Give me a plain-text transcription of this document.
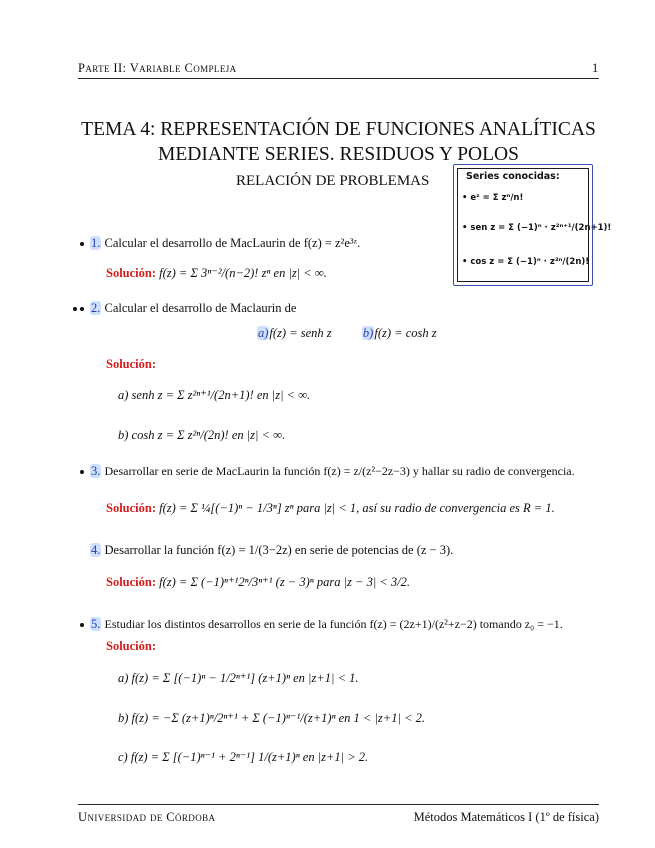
Parte II: Variable Compleja	1
TEMA 4: REPRESENTACIÓN DE FUNCIONES ANALÍTICAS
MEDIANTE SERIES. RESIDUOS Y POLOS
RELACIÓN DE PROBLEMAS	Series conocidas:
• eᶻ = Σ zⁿ/n!
• sen z = Σ (−1)ⁿ · z²ⁿ⁺¹/(2n+1)!
• cos z = Σ (−1)ⁿ · z²ⁿ/(2n)!
1. Calcular el desarrollo de MacLaurin de f(z) = z²e³ᶻ.
Solución: f(z) = Σ 3ⁿ⁻²/(n−2)! zⁿ en |z| < ∞.
2. Calcular el desarrollo de Maclaurin de
a)f(z) = senh z	b)f(z) = cosh z
Solución:
a) senh z = Σ z²ⁿ⁺¹/(2n+1)! en |z| < ∞.
b) cosh z = Σ z²ⁿ/(2n)! en |z| < ∞.
3. Desarrollar en serie de MacLaurin la función f(z) = z/(z²−2z−3) y hallar su radio de convergencia.
Solución: f(z) = Σ ¼[(−1)ⁿ − 1/3ⁿ] zⁿ para |z| < 1, así su radio de convergencia es R = 1.
4. Desarrollar la función f(z) = 1/(3−2z) en serie de potencias de (z − 3).
Solución: f(z) = Σ (−1)ⁿ⁺¹2ⁿ/3ⁿ⁺¹ (z − 3)ⁿ para |z − 3| < 3/2.
5. Estudiar los distintos desarrollos en serie de la función f(z) = (2z+1)/(z²+z−2) tomando z₀ = −1.
Solución:
a) f(z) = Σ [(−1)ⁿ − 1/2ⁿ⁺¹] (z+1)ⁿ en |z+1| < 1.
b) f(z) = −Σ (z+1)ⁿ/2ⁿ⁺¹ + Σ (−1)ⁿ⁻¹/(z+1)ⁿ en 1 < |z+1| < 2.
c) f(z) = Σ [(−1)ⁿ⁻¹ + 2ⁿ⁻¹] 1/(z+1)ⁿ en |z+1| > 2.
Universidad de Córdoba	Métodos Matemáticos I (1º de física)
